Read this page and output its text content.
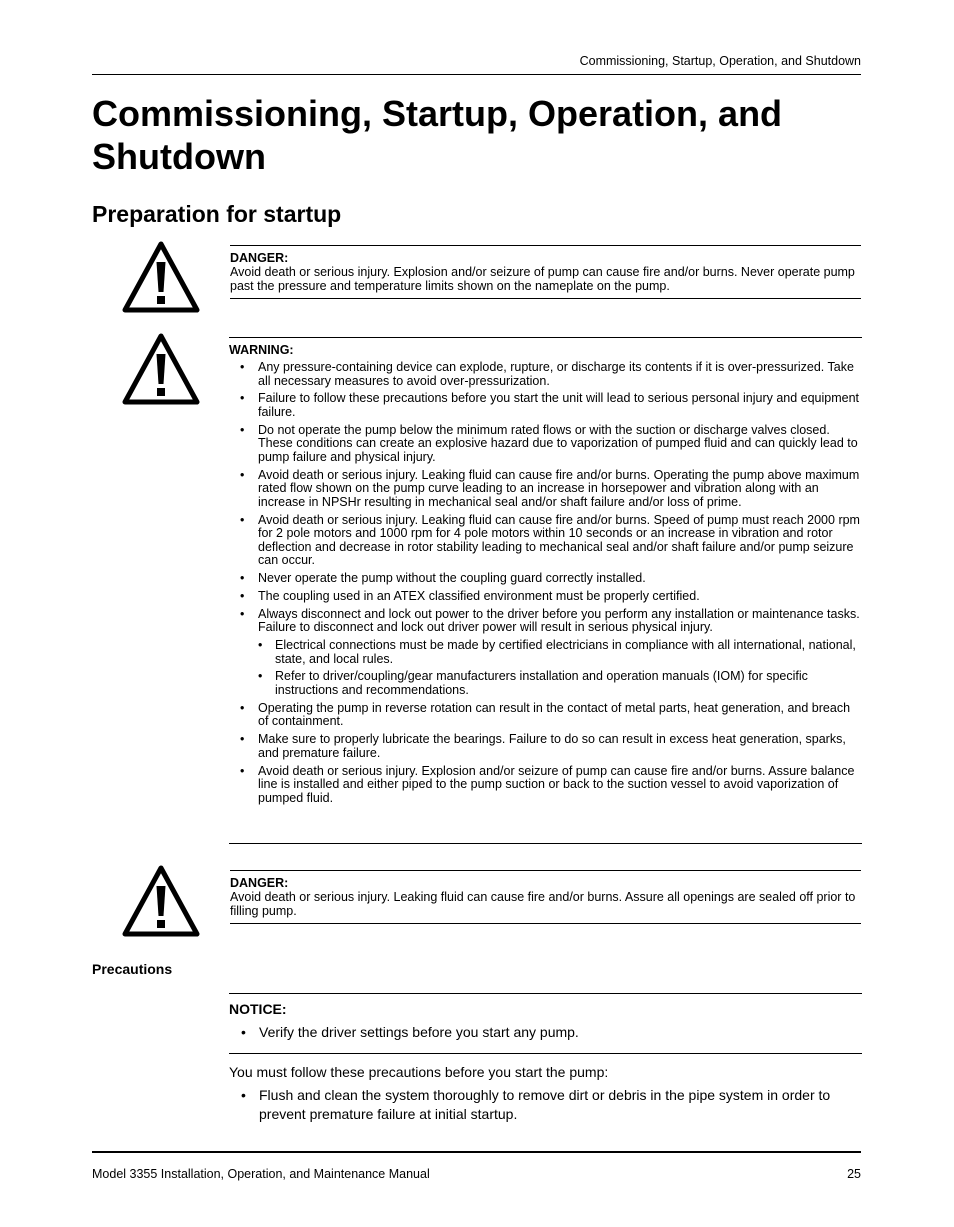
Commissioning, Startup, Operation, and Shutdown
Commissioning, Startup, Operation, and Shutdown
Preparation for startup
DANGER:
Avoid death or serious injury. Explosion and/or seizure of pump can cause fire and/or burns. Never operate pump past the pressure and temperature limits shown on the nameplate on the pump.
WARNING:
• Any pressure-containing device can explode, rupture, or discharge its contents if it is over-pressurized. Take all necessary measures to avoid over-pressurization.
• Failure to follow these precautions before you start the unit will lead to serious personal injury and equipment failure.
• Do not operate the pump below the minimum rated flows or with the suction or discharge valves closed. These conditions can create an explosive hazard due to vaporization of pumped fluid and can quickly lead to pump failure and physical injury.
• Avoid death or serious injury. Leaking fluid can cause fire and/or burns. Operating the pump above maximum rated flow shown on the pump curve leading to an increase in horsepower and vibration along with an increase in NPSHr resulting in mechanical seal and/or shaft failure and/or loss of prime.
• Avoid death or serious injury. Leaking fluid can cause fire and/or burns. Speed of pump must reach 2000 rpm for 2 pole motors and 1000 rpm for 4 pole motors within 10 seconds or an increase in vibration and rotor deflection and decrease in rotor stability leading to mechanical seal and/or shaft failure and/or pump seizure can occur.
• Never operate the pump without the coupling guard correctly installed.
• The coupling used in an ATEX classified environment must be properly certified.
• Always disconnect and lock out power to the driver before you perform any installation or maintenance tasks. Failure to disconnect and lock out driver power will result in serious physical injury.
• Electrical connections must be made by certified electricians in compliance with all international, national, state, and local rules.
• Refer to driver/coupling/gear manufacturers installation and operation manuals (IOM) for specific instructions and recommendations.
• Operating the pump in reverse rotation can result in the contact of metal parts, heat generation, and breach of containment.
• Make sure to properly lubricate the bearings. Failure to do so can result in excess heat generation, sparks, and premature failure.
• Avoid death or serious injury. Explosion and/or seizure of pump can cause fire and/or burns. Assure balance line is installed and either piped to the pump suction or back to the suction vessel to avoid vaporization of pumped fluid.
DANGER:
Avoid death or serious injury. Leaking fluid can cause fire and/or burns. Assure all openings are sealed off prior to filling pump.
Precautions
NOTICE:
• Verify the driver settings before you start any pump.
You must follow these precautions before you start the pump:
• Flush and clean the system thoroughly to remove dirt or debris in the pipe system in order to prevent premature failure at initial startup.
Model 3355 Installation, Operation, and Maintenance Manual	25
